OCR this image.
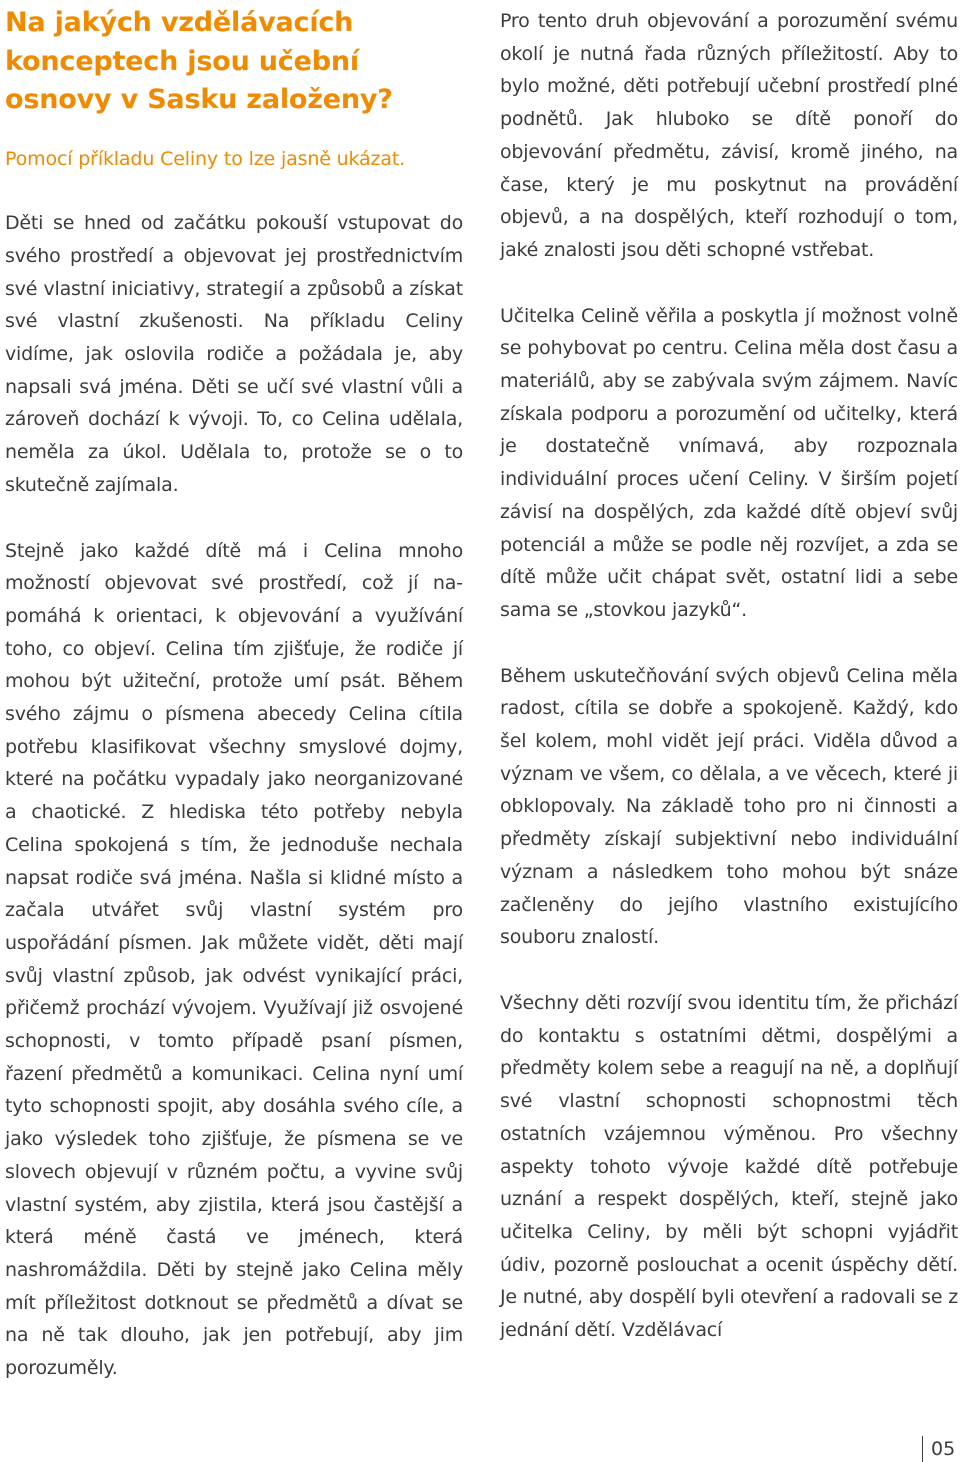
Na jakých vzdělávacích konceptech jsou učební osnovy v Sasku založeny?

Pomocí příkladu Celiny to lze jasně ukázat.

Děti se hned od začátku pokouší vstupovat do svého prostředí a objevovat jej prostřednictvím své vlastní iniciativy, strategií a způsobů a získat své vlastní zkušenosti. Na příkladu Celiny vidíme, jak oslovila rodiče a požádala je, aby napsali svá jména. Děti se učí své vlastní vůli a zároveň dochází k vývoji. To, co Celina udělala, neměla za úkol. Udělala to, protože se o to skutečně zajímala.

Stejně jako každé dítě má i Celina mnoho možností objevovat své prostředí, což jí napomáhá k orientaci, k objevování a využívání toho, co objeví. Celina tím zjišťuje, že rodiče jí mohou být užiteční, protože umí psát. Během svého zájmu o písmena abecedy Celina cítila potřebu klasifikovat všechny smyslové dojmy, které na počátku vypadaly jako neorganizované a chaotické. Z hlediska této potřeby nebyla Celina spokojená s tím, že jednoduše nechala napsat rodiče svá jména. Našla si klidné místo a začala utvářet svůj vlastní systém pro uspořádání písmen. Jak můžete vidět, děti mají svůj vlastní způsob, jak odvést vynikající práci, přičemž prochází vývojem. Využívají již osvojené schopnosti, v tomto případě psaní písmen, řazení předmětů a komunikaci. Celina nyní umí tyto schopnosti spojit, aby dosáhla svého cíle, a jako výsledek toho zjišťuje, že písmena se ve slovech objevují v různém počtu, a vyvine svůj vlastní systém, aby zjistila, která jsou častější a která méně častá ve jménech, která nashromáždila. Děti by stejně jako Celina měly mít příležitost dotknout se předmětů a dívat se na ně tak dlouho, jak jen potřebují, aby jim porozuměly.

Pro tento druh objevování a porozumění svému okolí je nutná řada různých příležitostí. Aby to bylo možné, děti potřebují učební prostředí plné podnětů. Jak hluboko se dítě ponoří do objevování předmětu, závisí, kromě jiného, na čase, který je mu poskytnut na provádění objevů, a na dospělých, kteří rozhodují o tom, jaké znalosti jsou děti schopné vstřebat.

Učitelka Celině věřila a poskytla jí možnost volně se pohybovat po centru. Celina měla dost času a materiálů, aby se zabývala svým zájmem. Navíc získala podporu a porozumění od učitelky, která je dostatečně vnímavá, aby rozpoznala individuální proces učení Celiny. V širším pojetí závisí na dospělých, zda každé dítě objeví svůj potenciál a může se podle něj rozvíjet, a zda se dítě může učit chápat svět, ostatní lidi a sebe sama se „stovkou jazyků“.

Během uskutečňování svých objevů Celina měla radost, cítila se dobře a spokojeně. Každý, kdo šel kolem, mohl vidět její práci. Viděla důvod a význam ve všem, co dělala, a ve věcech, které ji obklopovaly. Na základě toho pro ni činnosti a předměty získají subjektivní nebo individuální význam a následkem toho mohou být snáze začleněny do jejího vlastního existujícího souboru znalostí.

Všechny děti rozvíjí svou identitu tím, že přichází do kontaktu s ostatními dětmi, dospělými a předměty kolem sebe a reagují na ně, a doplňují své vlastní schopnosti schopnostmi těch ostatních vzájemnou výměnou. Pro všechny aspekty tohoto vývoje každé dítě potřebuje uznání a respekt dospělých, kteří, stejně jako učitelka Celiny, by měli být schopni vyjádřit údiv, pozorně poslouchat a ocenit úspěchy dětí. Je nutné, aby dospělí byli otevření a radovali se z jednání dětí. Vzdělávací

05
